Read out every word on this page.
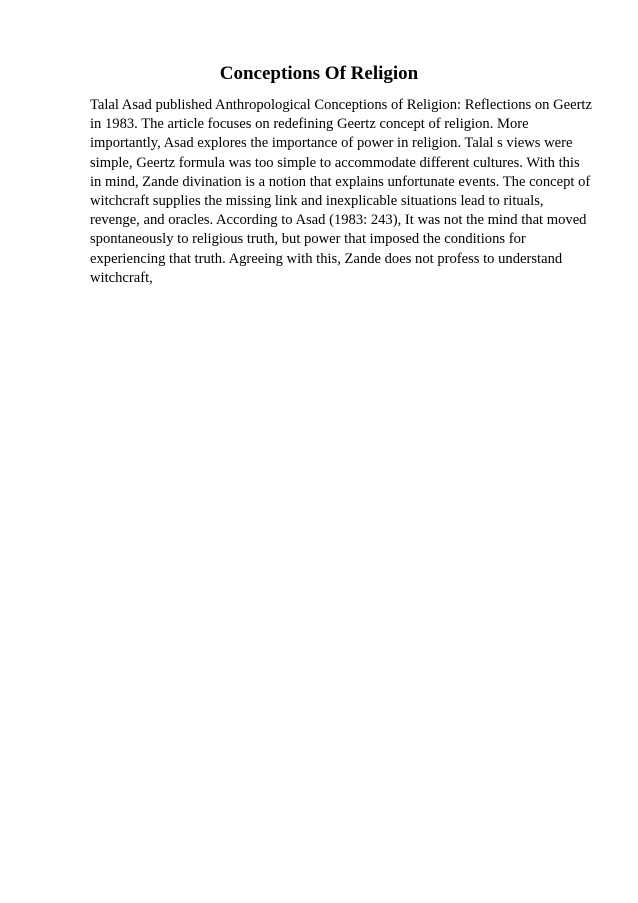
Conceptions Of Religion

Talal Asad published Anthropological Conceptions of Religion: Reflections on Geertz
in 1983. The article focuses on redefining Geertz concept of religion. More
importantly, Asad explores the importance of power in religion. Talal s views were
simple, Geertz formula was too simple to accommodate different cultures. With this
in mind, Zande divination is a notion that explains unfortunate events. The concept of
witchcraft supplies the missing link and inexplicable situations lead to rituals,
revenge, and oracles. According to Asad (1983: 243), It was not the mind that moved
spontaneously to religious truth, but power that imposed the conditions for
experiencing that truth. Agreeing with this, Zande does not profess to understand
witchcraft,
